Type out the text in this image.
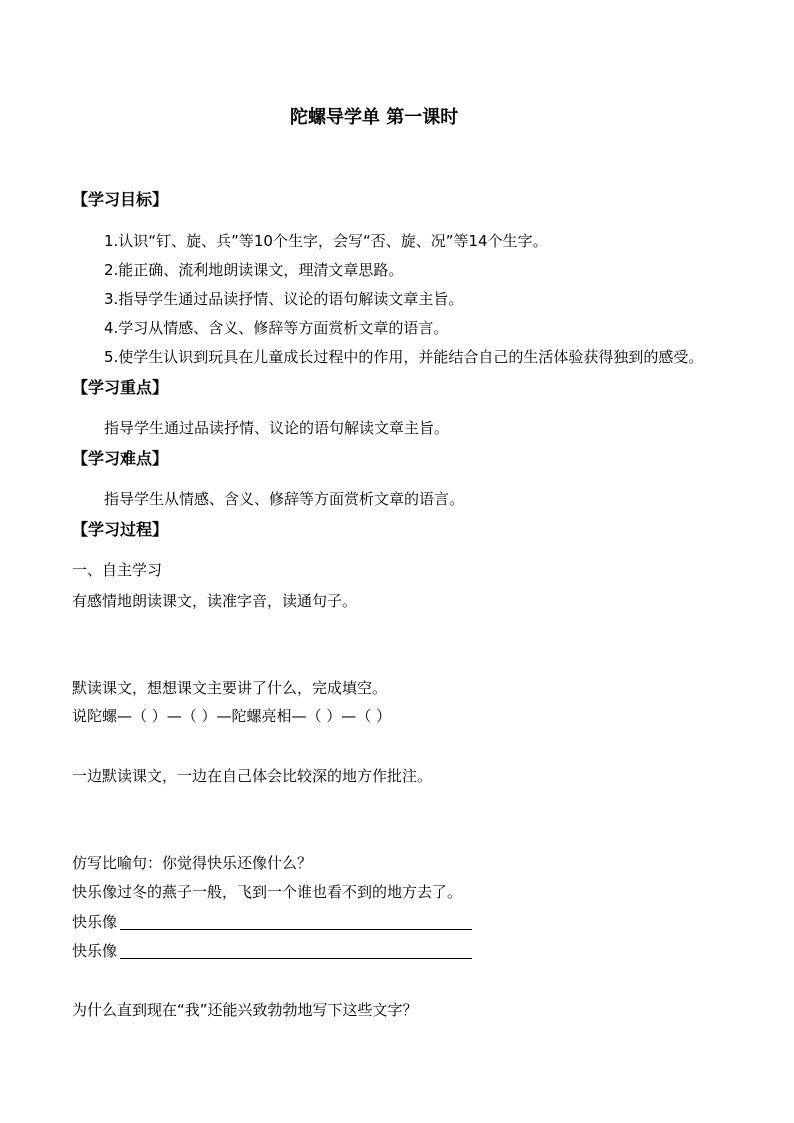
陀螺导学单 第一课时
【学习目标】
1.认识“钉、旋、兵”等10个生字，会写“否、旋、况”等14个生字。
2.能正确、流利地朗读课文，理清文章思路。
3.指导学生通过品读抒情、议论的语句解读文章主旨。
4.学习从情感、含义、修辞等方面赏析文章的语言。
5.使学生认识到玩具在儿童成长过程中的作用，并能结合自己的生活体验获得独到的感受。
【学习重点】
指导学生通过品读抒情、议论的语句解读文章主旨。
【学习难点】
指导学生从情感、含义、修辞等方面赏析文章的语言。
【学习过程】
一、自主学习
有感情地朗读课文，读准字音，读通句子。
默读课文，想想课文主要讲了什么，完成填空。
说陀螺—（ ）—（ ）—陀螺亮相—（ ）—（ ）
一边默读课文，一边在自己体会比较深的地方作批注。
仿写比喻句：你觉得快乐还像什么？
快乐像过冬的燕子一般，飞到一个谁也看不到的地方去了。
快乐像
快乐像
为什么直到现在“我”还能兴致勃勃地写下这些文字？
